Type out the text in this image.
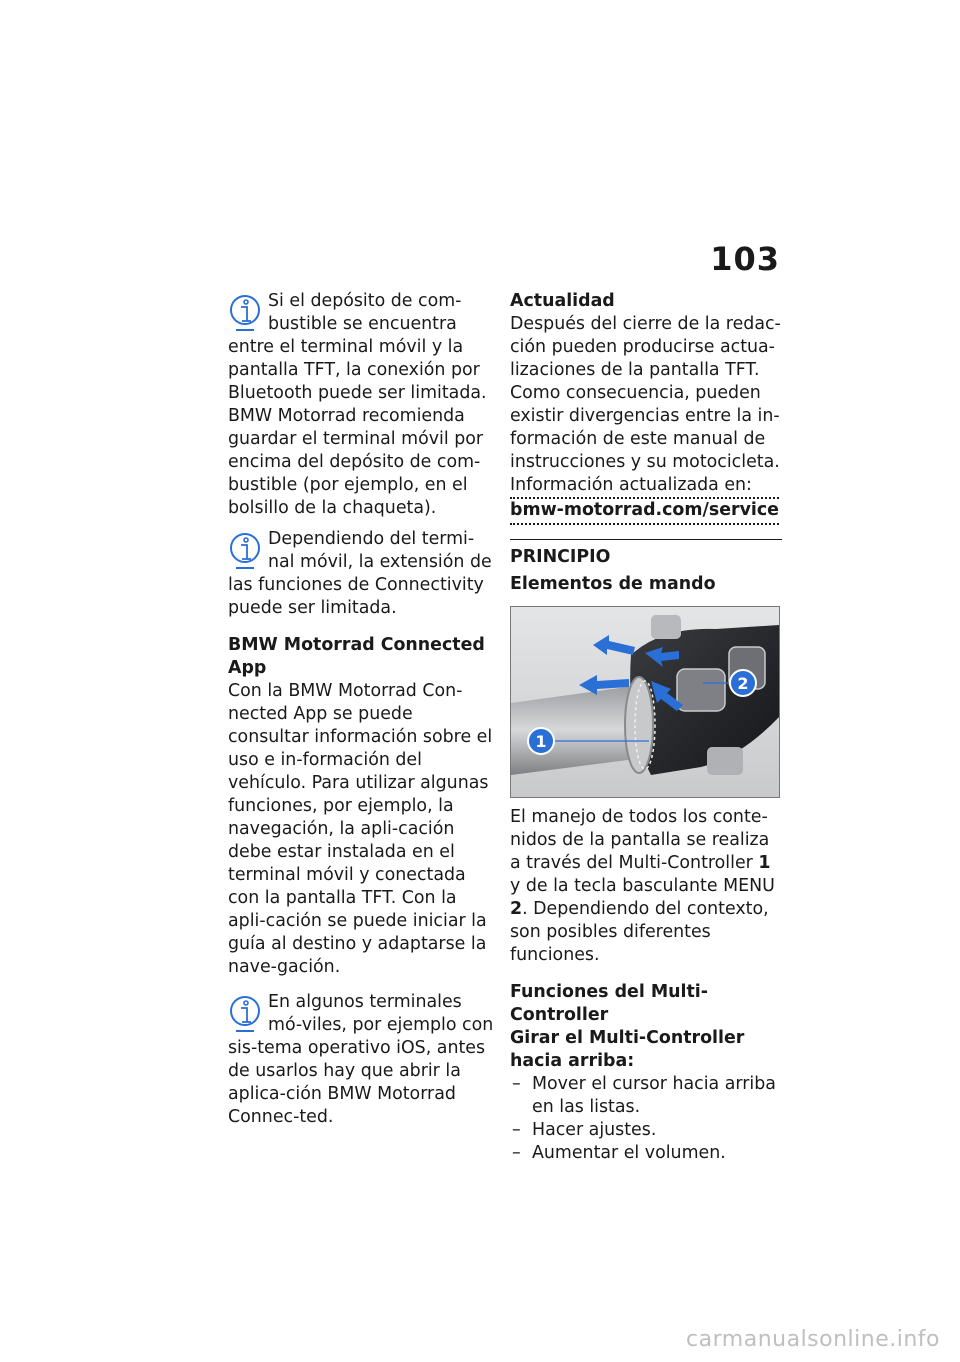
103

Si el depósito de com-bustible se encuentra entre el terminal móvil y la pantalla TFT, la conexión por Bluetooth puede ser limitada. BMW Motorrad recomienda guardar el terminal móvil por encima del depósito de com-bustible (por ejemplo, en el bolsillo de la chaqueta).

Dependiendo del termi-nal móvil, la extensión de las funciones de Connectivity puede ser limitada.

BMW Motorrad Connected App

Con la BMW Motorrad Con-nected App se puede consultar información sobre el uso e in-formación del vehículo. Para utilizar algunas funciones, por ejemplo, la navegación, la apli-cación debe estar instalada en el terminal móvil y conectada con la pantalla TFT. Con la apli-cación se puede iniciar la guía al destino y adaptarse la nave-gación.

En algunos terminales mó-viles, por ejemplo con sis-tema operativo iOS, antes de usarlos hay que abrir la aplica-ción BMW Motorrad Connec-ted.

Actualidad

Después del cierre de la redac-ción pueden producirse actua-lizaciones de la pantalla TFT. Como consecuencia, pueden existir divergencias entre la in-formación de este manual de instrucciones y su motocicleta.

Información actualizada en:

bmw-motorrad.com/service
PRINCIPIO
Elementos de mando
1
2

El manejo de todos los conte-nidos de la pantalla se realiza a través del Multi-Controller 1 y de la tecla basculante MENU 2. Dependiendo del contexto, son posibles diferentes funciones.

Funciones del Multi-Controller
Girar el Multi-Controller hacia arriba:
– Mover el cursor hacia arriba en las listas.
– Hacer ajustes.
– Aumentar el volumen.
carmanualsonline.info
